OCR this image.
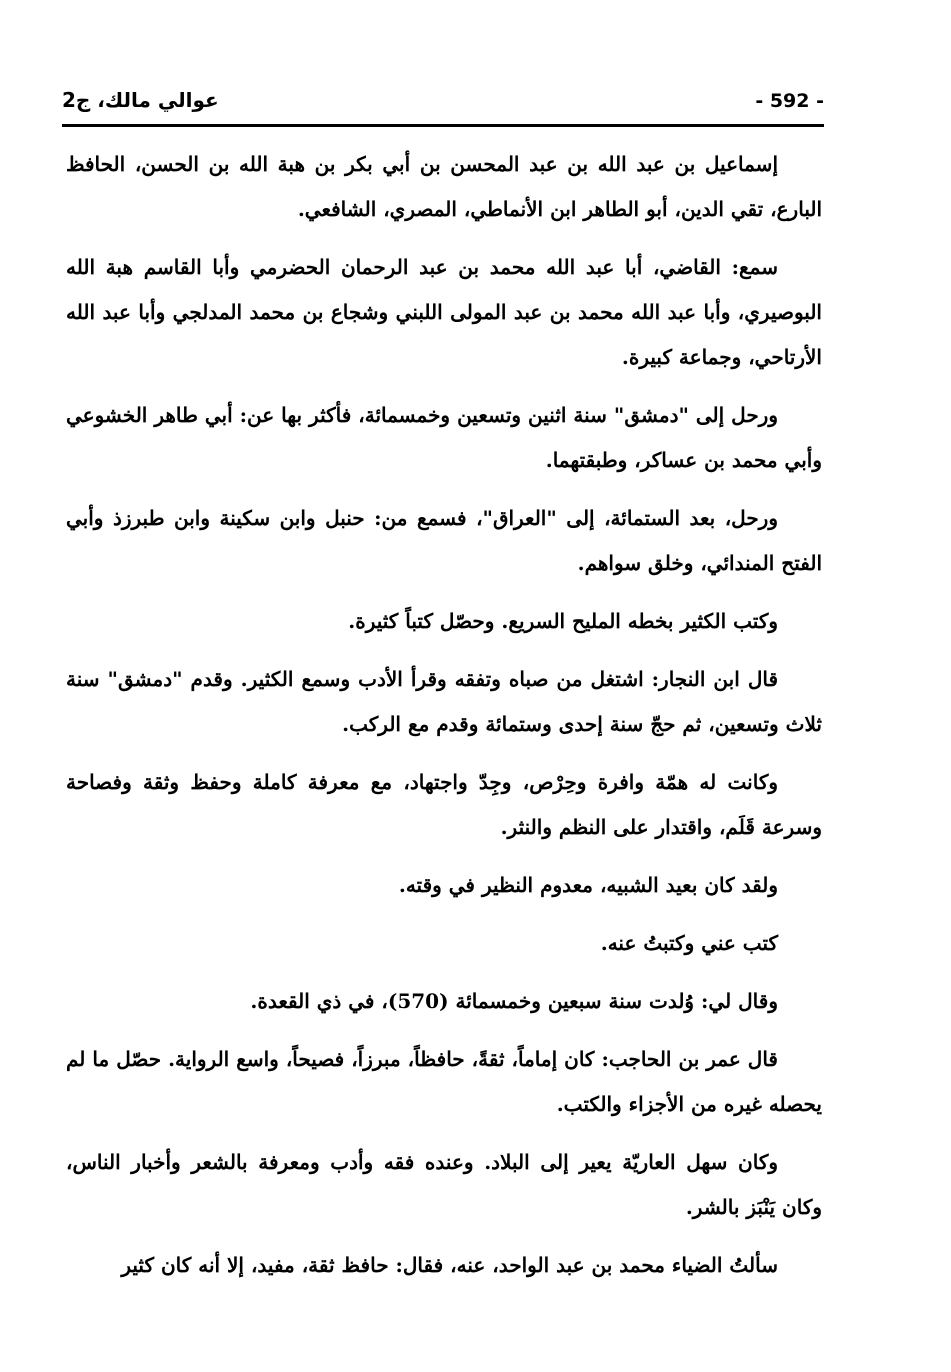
- 592 -
عوالي مالك، ج2

إسماعيل بن عبد الله بن عبد المحسن بن أبي بكر بن هبة الله بن الحسن، الحافظ البارع، تقي الدين، أبو الطاهر ابن الأنماطي، المصري، الشافعي.

سمع: القاضي، أبا عبد الله محمد بن عبد الرحمان الحضرمي وأبا القاسم هبة الله البوصيري، وأبا عبد الله محمد بن عبد المولى اللبني وشجاع بن محمد المدلجي وأبا عبد الله الأرتاحي، وجماعة كبيرة.

ورحل إلى "دمشق" سنة اثنين وتسعين وخمسمائة، فأكثر بها عن: أبي طاهر الخشوعي وأبي محمد بن عساكر، وطبقتهما.

ورحل، بعد الستمائة، إلى "العراق"، فسمع من: حنبل وابن سكينة وابن طبرزذ وأبي الفتح المندائي، وخلق سواهم.

وكتب الكثير بخطه المليح السريع. وحصّل كتباً كثيرة.

قال ابن النجار: اشتغل من صباه وتفقه وقرأ الأدب وسمع الكثير. وقدم "دمشق" سنة ثلاث وتسعين، ثم حجّ سنة إحدى وستمائة وقدم مع الركب.

وكانت له همّة وافرة وحِرْص، وجِدّ واجتهاد، مع معرفة كاملة وحفظ وثقة وفصاحة وسرعة قَلَم، واقتدار على النظم والنثر.

ولقد كان بعيد الشبيه، معدوم النظير في وقته.

كتب عني وكتبتُ عنه.

وقال لي: وُلدت سنة سبعين وخمسمائة (570)، في ذي القعدة.

قال عمر بن الحاجب: كان إماماً، ثقةً، حافظاً، مبرزاً، فصيحاً، واسع الرواية. حصّل ما لم يحصله غيره من الأجزاء والكتب.

وكان سهل العاريّة يعير إلى البلاد. وعنده فقه وأدب ومعرفة بالشعر وأخبار الناس، وكان يَنْبَز بالشر.

سألتُ الضياء محمد بن عبد الواحد، عنه، فقال: حافظ ثقة، مفيد، إلا أنه كان كثير
